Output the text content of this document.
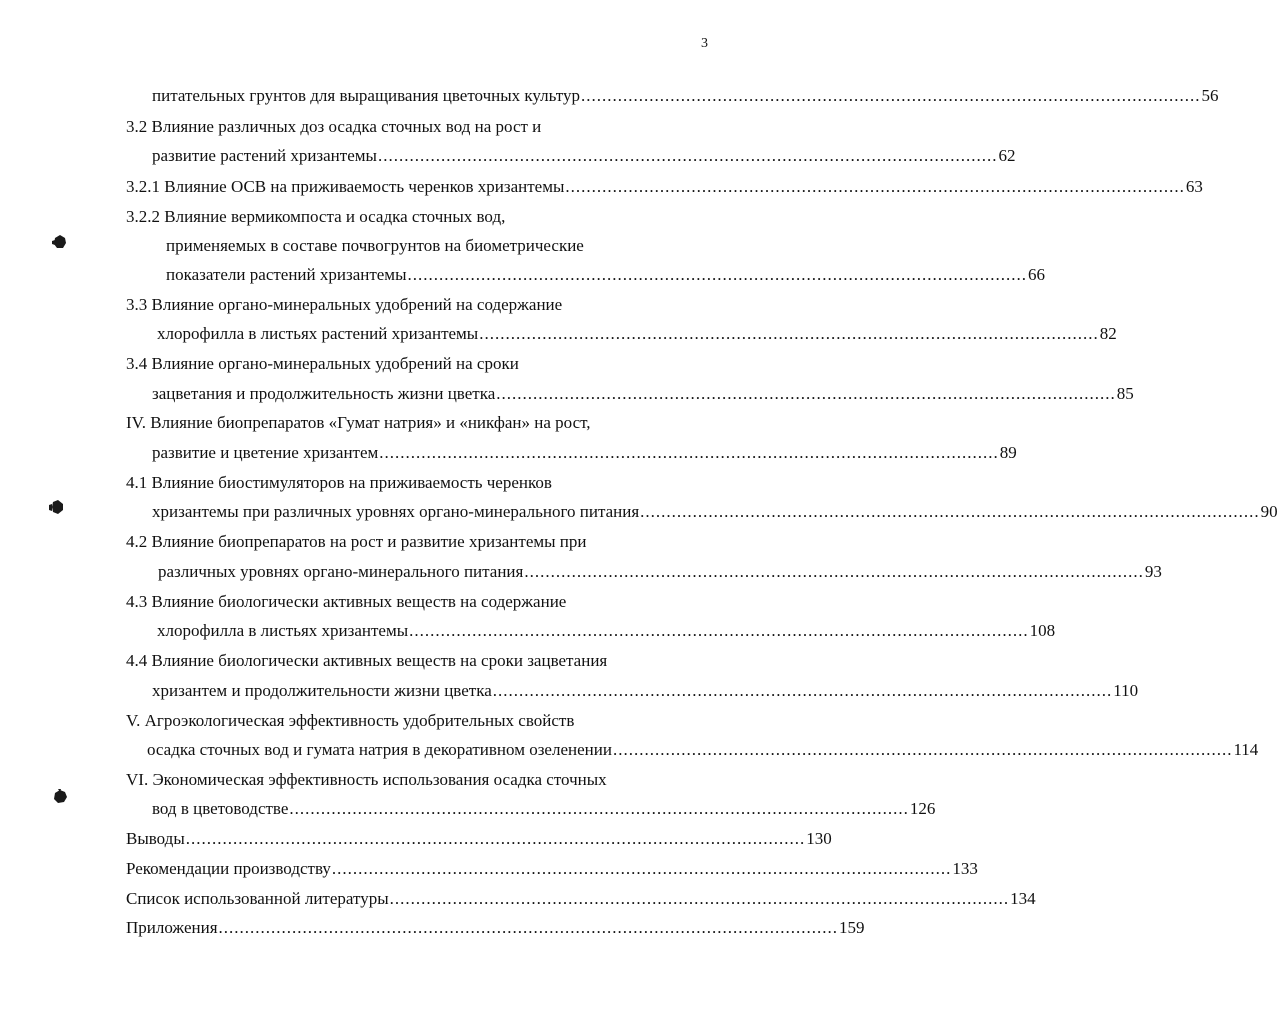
3
питательных грунтов для выращивания цветочных культур ...................................................................................................................... 56
3.2 Влияние различных доз осадка сточных вод на рост и
развитие растений хризантемы ...................................................................................................................... 62
3.2.1 Влияние ОСВ на приживаемость черенков хризантемы ...................................................................................................................... 63
3.2.2 Влияние вермикомпоста и осадка сточных вод,
применяемых в составе почвогрунтов на биометрические
показатели растений хризантемы ...................................................................................................................... 66
3.3 Влияние органо-минеральных удобрений на содержание
хлорофилла в листьях растений хризантемы ...................................................................................................................... 82
3.4 Влияние органо-минеральных удобрений на сроки
зацветания и продолжительность жизни цветка ...................................................................................................................... 85
IV. Влияние биопрепаратов «Гумат натрия» и «никфан» на рост,
развитие и цветение хризантем ...................................................................................................................... 89
4.1 Влияние биостимуляторов на приживаемость черенков
хризантемы при различных уровнях органо-минерального питания ...................................................................................................................... 90
4.2 Влияние биопрепаратов на рост и развитие хризантемы при
различных уровнях органо-минерального питания ...................................................................................................................... 93
4.3 Влияние биологически активных веществ на содержание
хлорофилла в листьях хризантемы ...................................................................................................................... 108
4.4 Влияние биологически активных веществ на сроки зацветания
хризантем и продолжительности жизни цветка ...................................................................................................................... 110
V. Агроэкологическая эффективность удобрительных свойств
осадка сточных вод и гумата натрия в декоративном озеленении ...................................................................................................................... 114
VI. Экономическая эффективность использования осадка сточных
вод в цветоводстве ...................................................................................................................... 126
Выводы ...................................................................................................................... 130
Рекомендации производству ...................................................................................................................... 133
Список использованной литературы ...................................................................................................................... 134
Приложения ...................................................................................................................... 159
